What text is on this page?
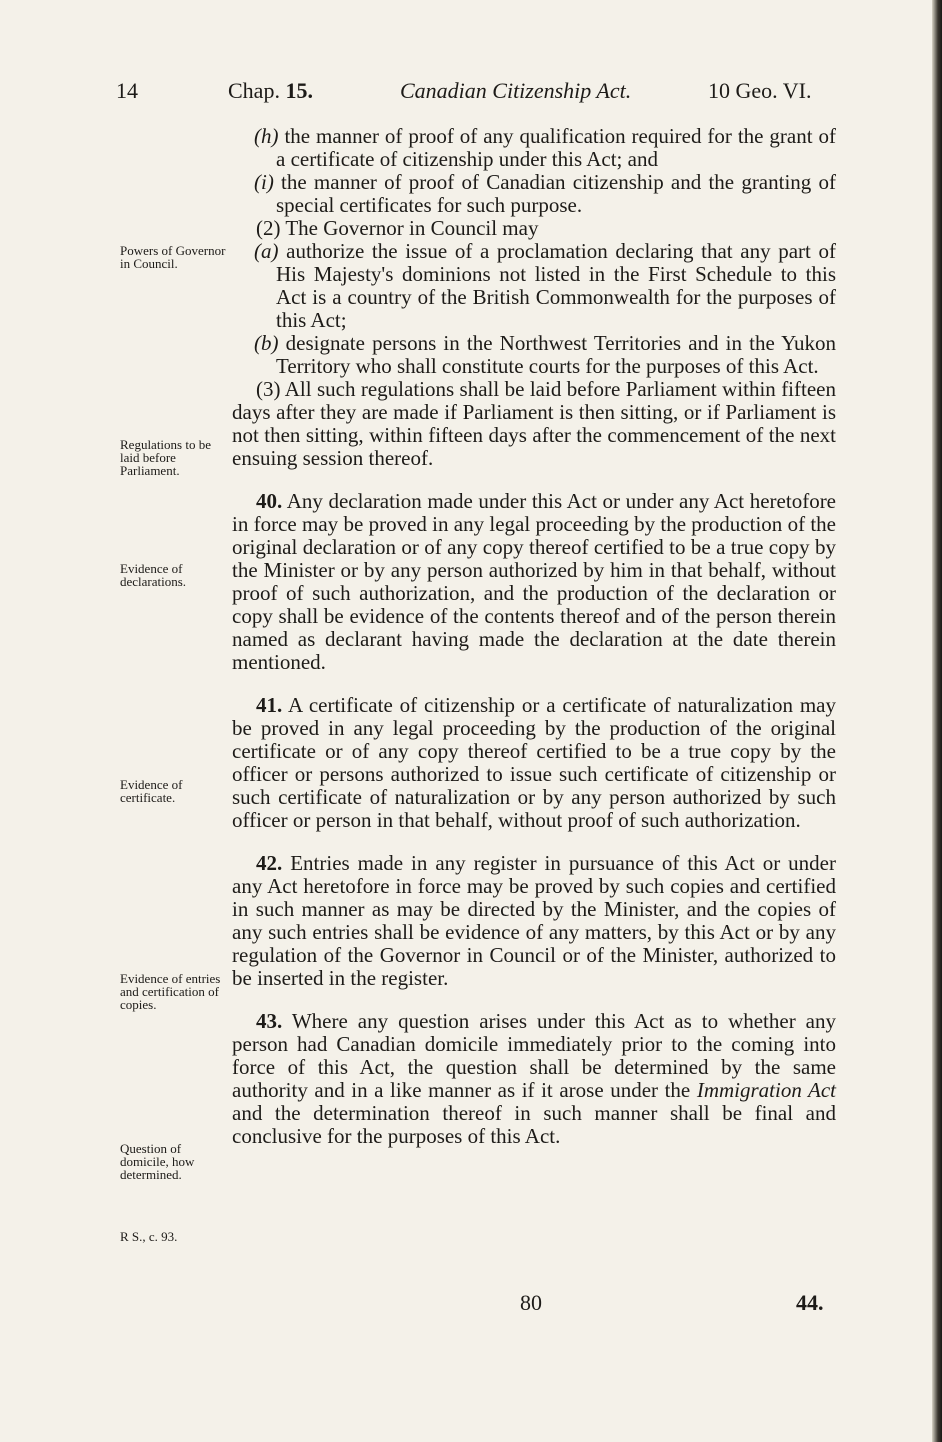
14	Chap. 15.	Canadian Citizenship Act.	10 Geo. VI.
Powers of Governor in Council.
Regulations to be laid before Parliament.
Evidence of declarations.
Evidence of certificate.
Evidence of entries and certification of copies.
Question of domicile, how determined.
R S., c. 93.

(h) the manner of proof of any qualification required for the grant of a certificate of citizenship under this Act; and

(i) the manner of proof of Canadian citizenship and the granting of special certificates for such purpose.

(2) The Governor in Council may

(a) authorize the issue of a proclamation declaring that any part of His Majesty's dominions not listed in the First Schedule to this Act is a country of the British Commonwealth for the purposes of this Act;

(b) designate persons in the Northwest Territories and in the Yukon Territory who shall constitute courts for the purposes of this Act.

(3) All such regulations shall be laid before Parliament within fifteen days after they are made if Parliament is then sitting, or if Parliament is not then sitting, within fifteen days after the commencement of the next ensuing session thereof.

40. Any declaration made under this Act or under any Act heretofore in force may be proved in any legal proceeding by the production of the original declaration or of any copy thereof certified to be a true copy by the Minister or by any person authorized by him in that behalf, without proof of such authorization, and the production of the declaration or copy shall be evidence of the contents thereof and of the person therein named as declarant having made the declaration at the date therein mentioned.

41. A certificate of citizenship or a certificate of naturalization may be proved in any legal proceeding by the production of the original certificate or of any copy thereof certified to be a true copy by the officer or persons authorized to issue such certificate of citizenship or such certificate of naturalization or by any person authorized by such officer or person in that behalf, without proof of such authorization.

42. Entries made in any register in pursuance of this Act or under any Act heretofore in force may be proved by such copies and certified in such manner as may be directed by the Minister, and the copies of any such entries shall be evidence of any matters, by this Act or by any regulation of the Governor in Council or of the Minister, authorized to be inserted in the register.

43. Where any question arises under this Act as to whether any person had Canadian domicile immediately prior to the coming into force of this Act, the question shall be determined by the same authority and in a like manner as if it arose under the Immigration Act and the determination thereof in such manner shall be final and conclusive for the purposes of this Act.

80	44.
